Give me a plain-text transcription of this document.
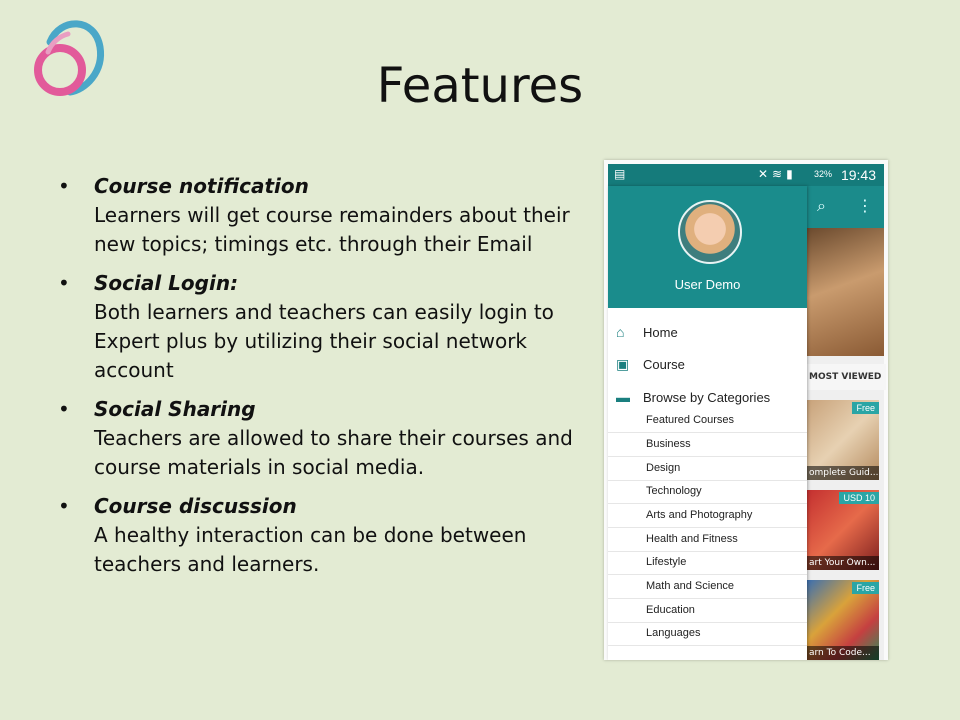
Features
• Course notification
Learners will get course remainders about their new topics; timings etc. through their Email
• Social Login:
Both learners and teachers can easily login to Expert plus by utilizing their social network account
• Social Sharing
Teachers are allowed to share their courses and course materials in social media.
• Course discussion
A healthy interaction can be done between teachers and learners.
▤	✕≋▮ 32% 19:43
⌕ ⋮
MOST VIEWED
Free
omplete Guid...
USD 10
art Your Own...
Free
arn To Code...
User Demo
⌂	Home
▣ Course
▬ Browse by Categories
Featured Courses
Business
Design
Technology
Arts and Photography
Health and Fitness
Lifestyle
Math and Science
Education
Languages
